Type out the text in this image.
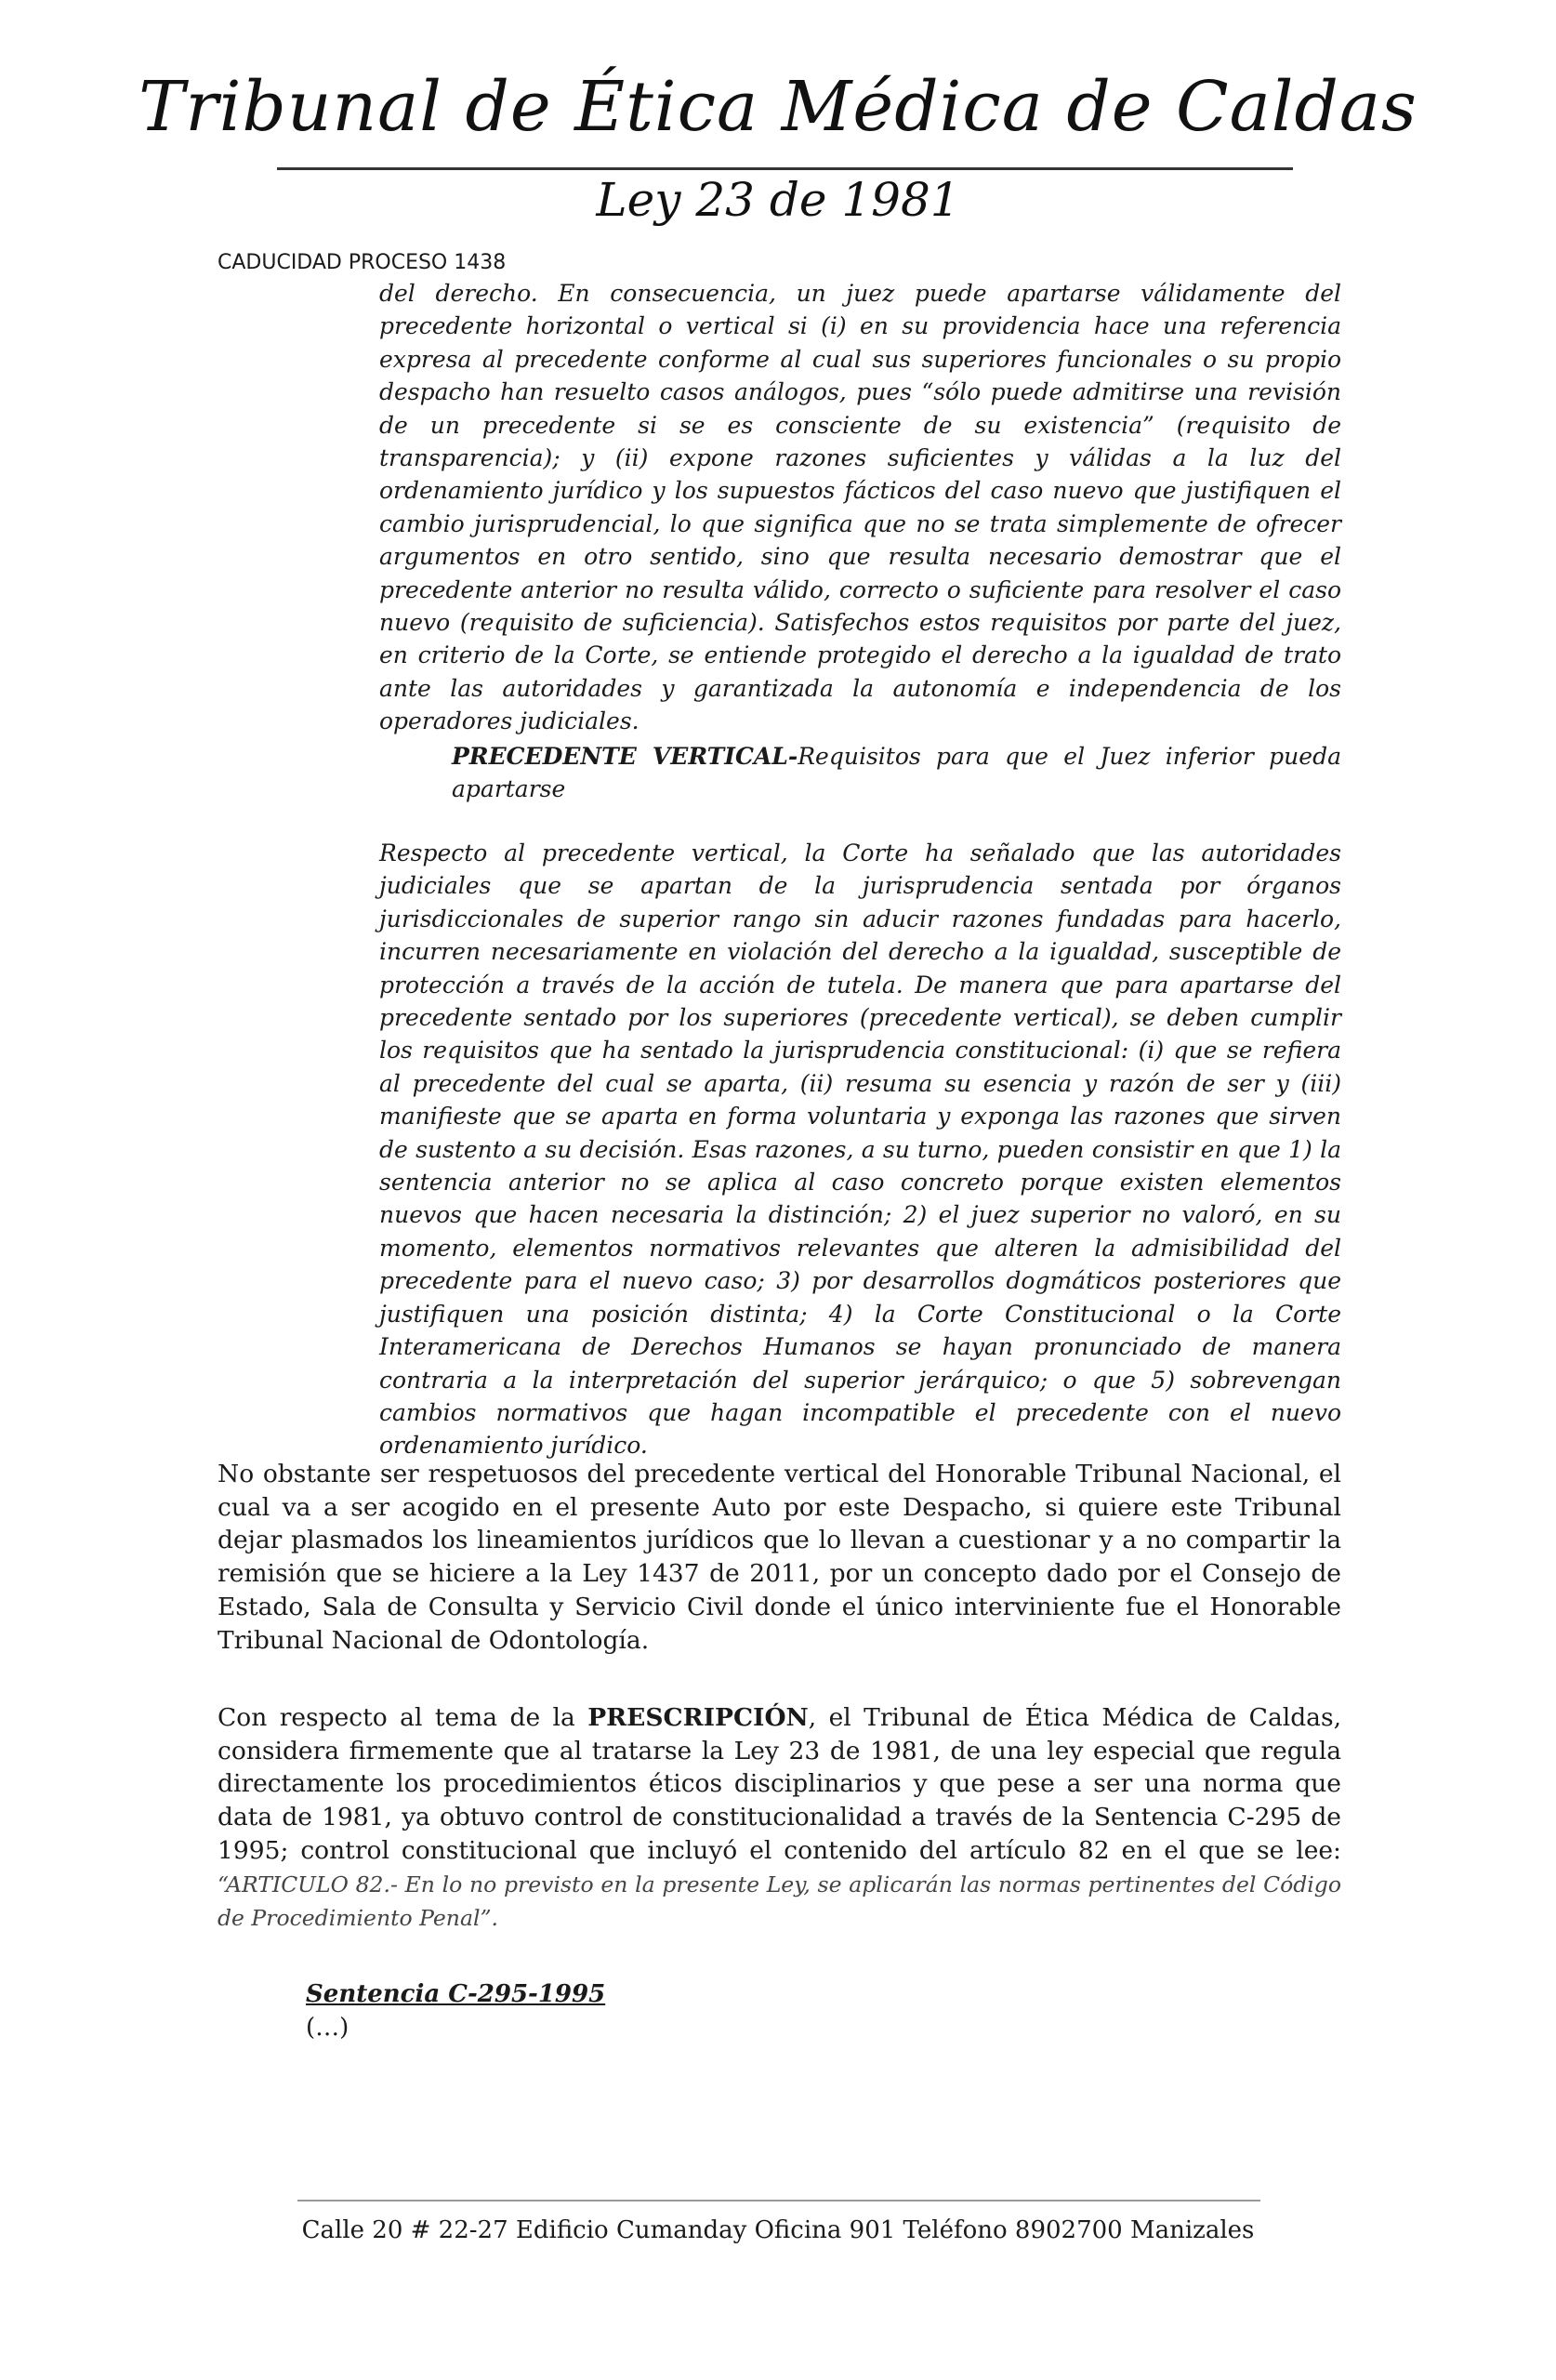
Tribunal de Ética Médica de Caldas
Ley 23 de 1981
CADUCIDAD PROCESO 1438

del derecho. En consecuencia, un juez puede apartarse válidamente del precedente horizontal o vertical si (i) en su providencia hace una referencia expresa al precedente conforme al cual sus superiores funcionales o su propio despacho han resuelto casos análogos, pues “sólo puede admitirse una revisión de un precedente si se es consciente de su existencia” (requisito de transparencia); y (ii) expone razones suficientes y válidas a la luz del ordenamiento jurídico y los supuestos fácticos del caso nuevo que justifiquen el cambio jurisprudencial, lo que significa que no se trata simplemente de ofrecer argumentos en otro sentido, sino que resulta necesario demostrar que el precedente anterior no resulta válido, correcto o suficiente para resolver el caso nuevo (requisito de suficiencia). Satisfechos estos requisitos por parte del juez, en criterio de la Corte, se entiende protegido el derecho a la igualdad de trato ante las autoridades y garantizada la autonomía e independencia de los operadores judiciales.

PRECEDENTE VERTICAL-Requisitos para que el Juez inferior pueda apartarse

Respecto al precedente vertical, la Corte ha señalado que las autoridades judiciales que se apartan de la jurisprudencia sentada por órganos jurisdiccionales de superior rango sin aducir razones fundadas para hacerlo, incurren necesariamente en violación del derecho a la igualdad, susceptible de protección a través de la acción de tutela. De manera que para apartarse del precedente sentado por los superiores (precedente vertical), se deben cumplir los requisitos que ha sentado la jurisprudencia constitucional: (i) que se refiera al precedente del cual se aparta, (ii) resuma su esencia y razón de ser y (iii) manifieste que se aparta en forma voluntaria y exponga las razones que sirven de sustento a su decisión. Esas razones, a su turno, pueden consistir en que 1) la sentencia anterior no se aplica al caso concreto porque existen elementos nuevos que hacen necesaria la distinción; 2) el juez superior no valoró, en su momento, elementos normativos relevantes que alteren la admisibilidad del precedente para el nuevo caso; 3) por desarrollos dogmáticos posteriores que justifiquen una posición distinta; 4) la Corte Constitucional o la Corte Interamericana de Derechos Humanos se hayan pronunciado de manera contraria a la interpretación del superior jerárquico; o que 5) sobrevengan cambios normativos que hagan incompatible el precedente con el nuevo ordenamiento jurídico.

No obstante ser respetuosos del precedente vertical del Honorable Tribunal Nacional, el cual va a ser acogido en el presente Auto por este Despacho, si quiere este Tribunal dejar plasmados los lineamientos jurídicos que lo llevan a cuestionar y a no compartir la remisión que se hiciere a la Ley 1437 de 2011, por un concepto dado por el Consejo de Estado, Sala de Consulta y Servicio Civil donde el único interviniente fue el Honorable Tribunal Nacional de Odontología.

Con respecto al tema de la PRESCRIPCIÓN, el Tribunal de Ética Médica de Caldas, considera firmemente que al tratarse la Ley 23 de 1981, de una ley especial que regula directamente los procedimientos éticos disciplinarios y que pese a ser una norma que data de 1981, ya obtuvo control de constitucionalidad a través de la Sentencia C-295 de 1995; control constitucional que incluyó el contenido del artículo 82 en el que se lee: “ARTICULO 82.- En lo no previsto en la presente Ley, se aplicarán las normas pertinentes del Código de Procedimiento Penal”.

Sentencia C-295-1995
(…)
Calle 20 # 22-27 Edificio Cumanday Oficina 901 Teléfono 8902700 Manizales
